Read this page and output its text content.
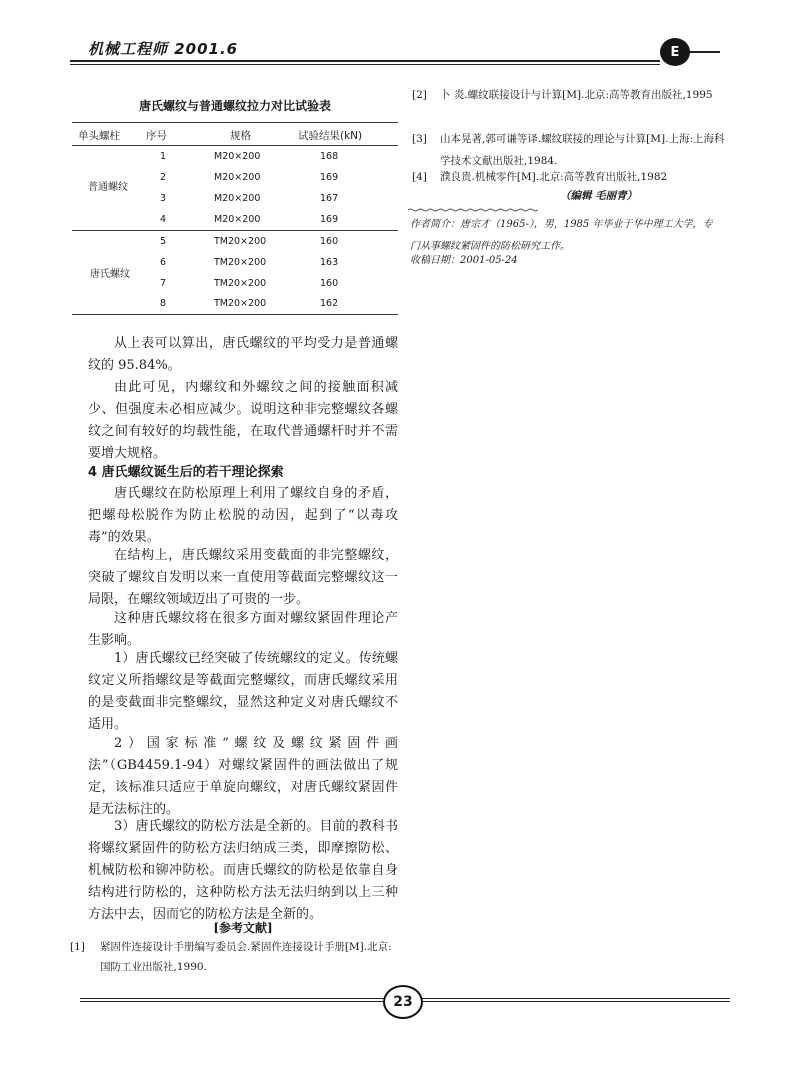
机械工程师 2001.6	E
唐氏螺纹与普通螺纹拉力对比试验表
单头螺柱 序号	规格	试验结果(kN)
普通螺纹
1	M20×200	168
2	M20×200	169
3	M20×200	167
4	M20×200	169
唐氏螺纹
5	TM20×200	160
6	TM20×200	163
7	TM20×200	160
8	TM20×200	162

从上表可以算出，唐氏螺纹的平均受力是普通螺纹的 95.84%。

由此可见，内螺纹和外螺纹之间的接触面积减少、但强度未必相应减少。说明这种非完整螺纹各螺纹之间有较好的均载性能，在取代普通螺杆时并不需要增大规格。

4 唐氏螺纹诞生后的若干理论探索

唐氏螺纹在防松原理上利用了螺纹自身的矛盾，把螺母松脱作为防止松脱的动因，起到了“以毒攻毒”的效果。

在结构上，唐氏螺纹采用变截面的非完整螺纹，突破了螺纹自发明以来一直使用等截面完整螺纹这一局限，在螺纹领域迈出了可贵的一步。

这种唐氏螺纹将在很多方面对螺纹紧固件理论产生影响。

1）唐氏螺纹已经突破了传统螺纹的定义。传统螺纹定义所指螺纹是等截面完整螺纹，而唐氏螺纹采用的是变截面非完整螺纹，显然这种定义对唐氏螺纹不适用。

2）国家标准“螺纹及螺纹紧固件画法”（GB4459.1-94）对螺纹紧固件的画法做出了规定，该标准只适应于单旋向螺纹，对唐氏螺纹紧固件是无法标注的。

3）唐氏螺纹的防松方法是全新的。目前的教科书将螺纹紧固件的防松方法归纳成三类，即摩擦防松、机械防松和铆冲防松。而唐氏螺纹的防松是依靠自身结构进行防松的，这种防松方法无法归纳到以上三种方法中去，因而它的防松方法是全新的。

[参考文献]
[1] 紧固件连接设计手册编写委员会.紧固件连接设计手册[M].北京:国防工业出版社,1990.

[2] 卜 炎.螺纹联接设计与计算[M].北京:高等教育出版社,1995

[3] 山本晃著,郭可谦等译.螺纹联接的理论与计算[M].上海:上海科学技术文献出版社,1984.

[4] 濮良贵.机械零件[M].北京:高等教育出版社,1982

（编辑 毛丽青）

作者简介：唐宗才（1965-），男，1985 年毕业于华中理工大学，专门从事螺纹紧固件的防松研究工作。

收稿日期：2001-05-24
23
